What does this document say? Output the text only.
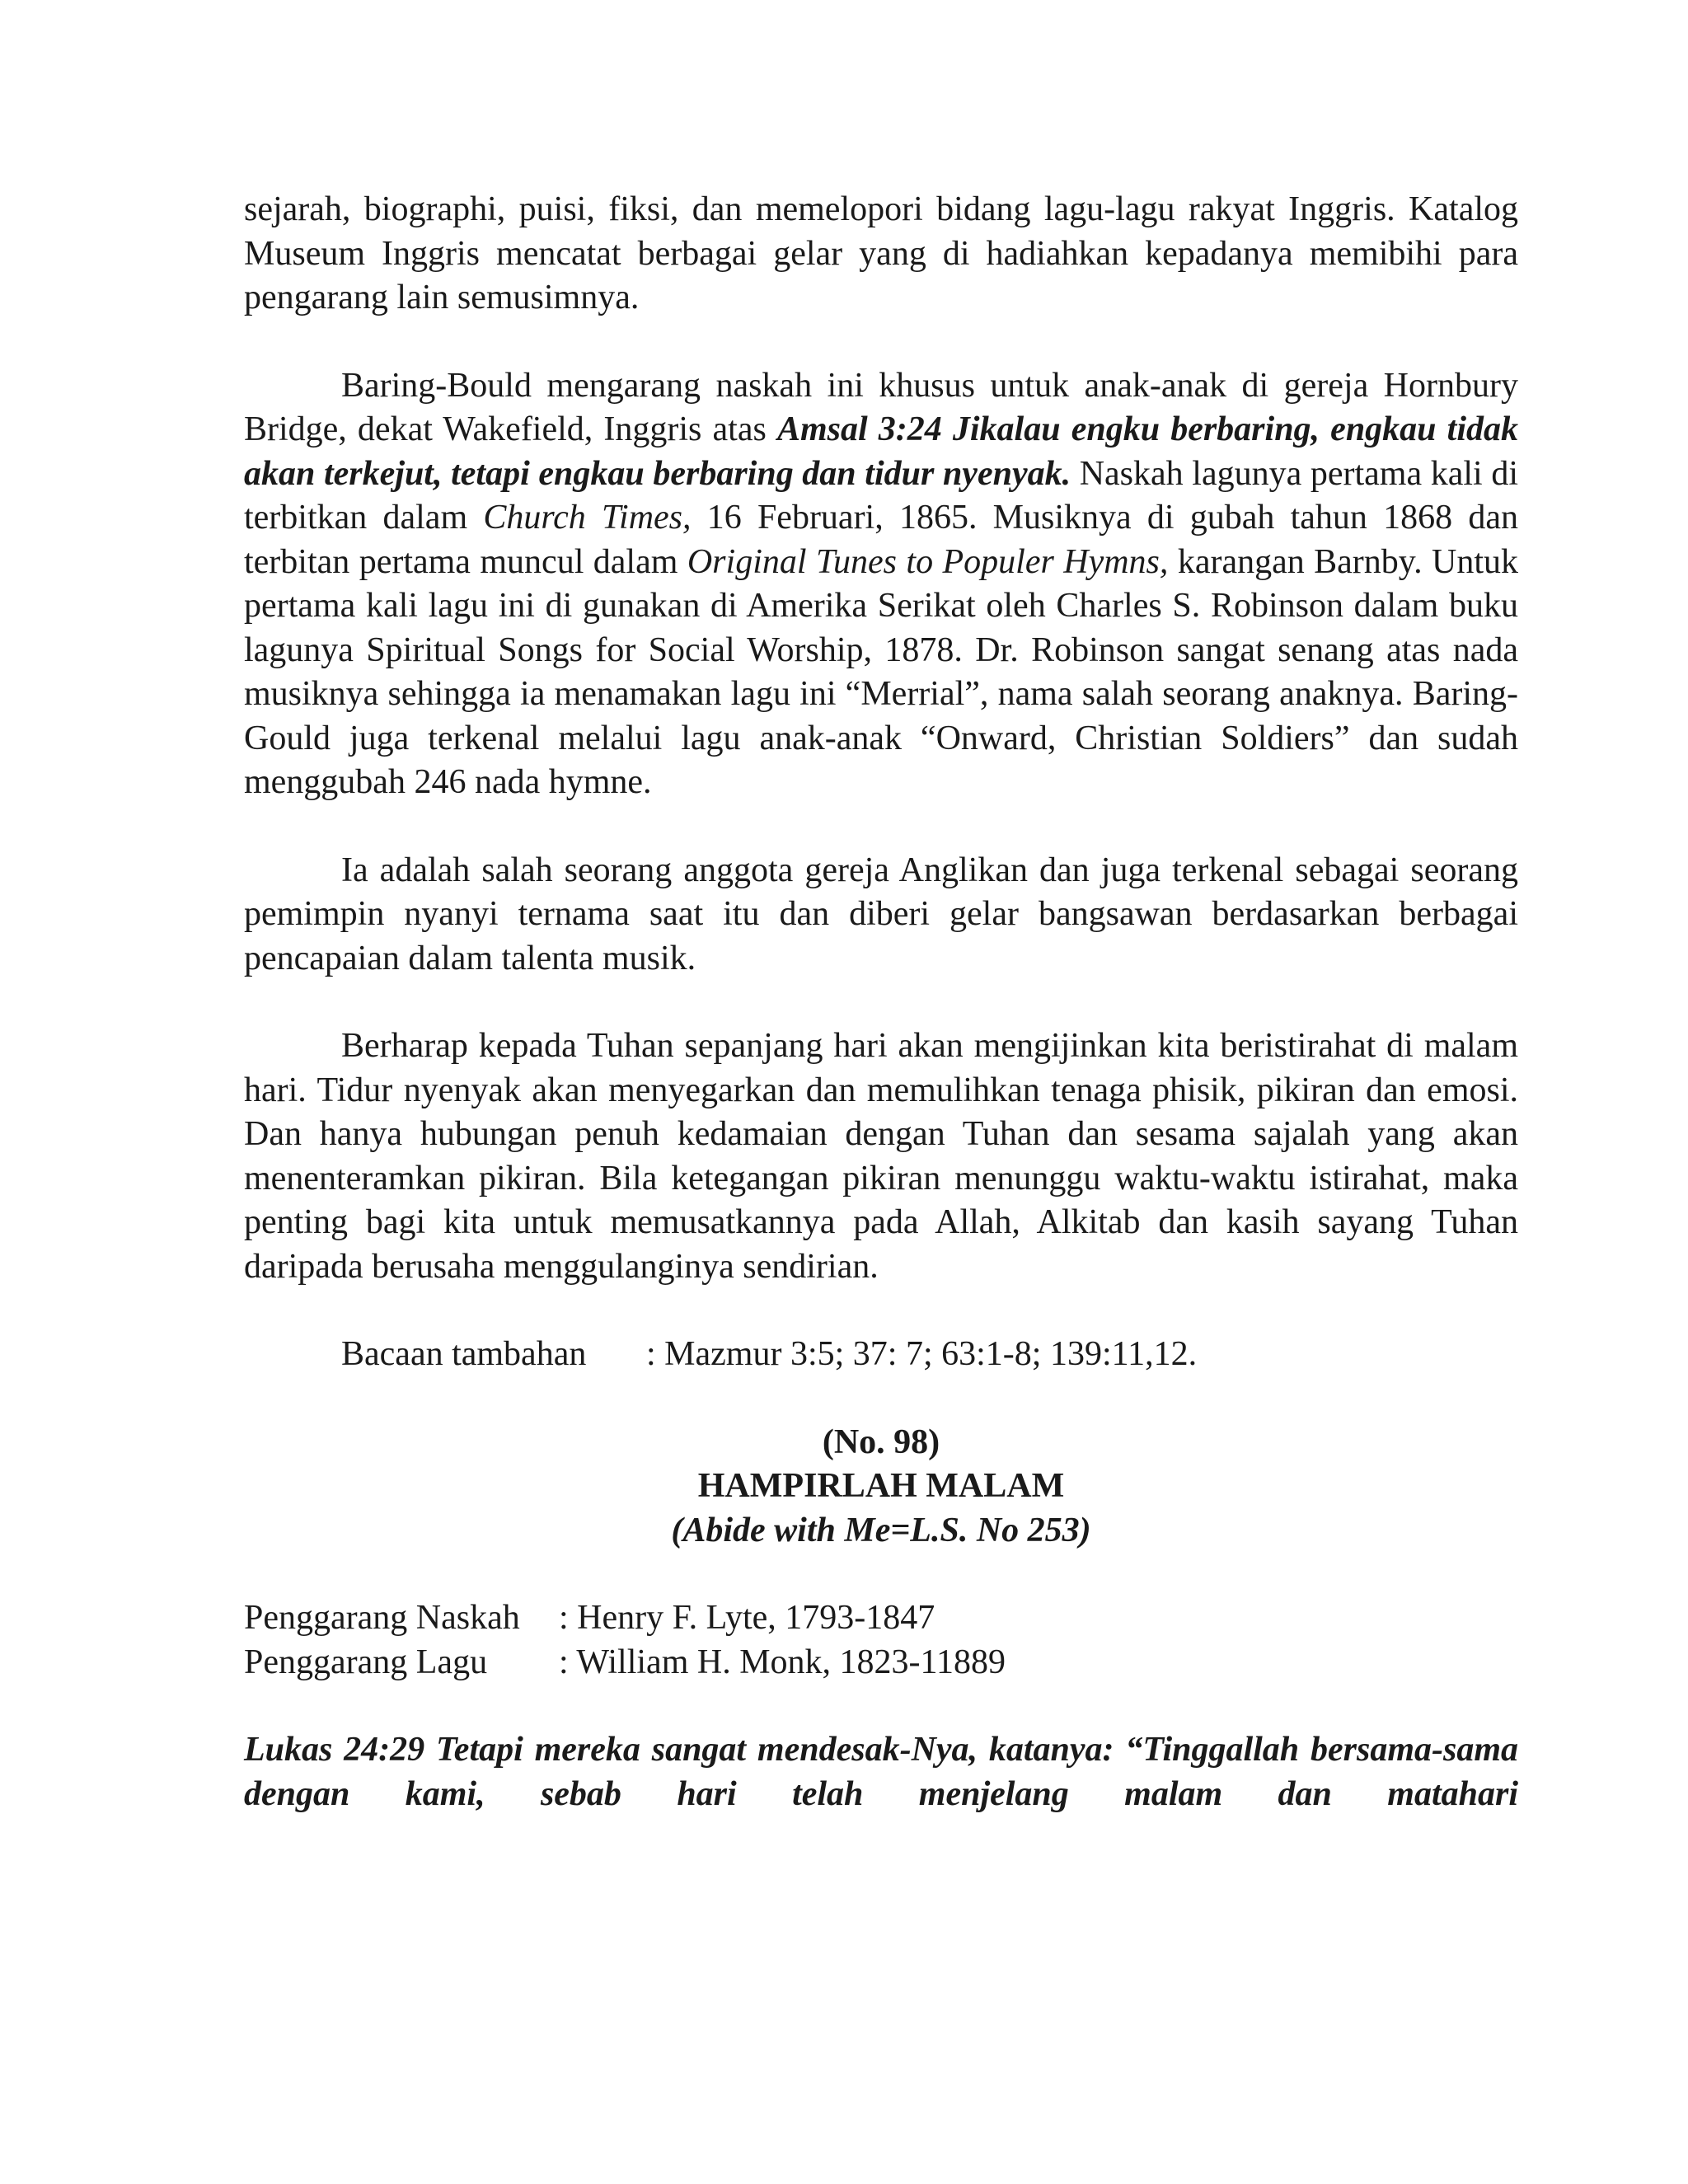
sejarah, biographi, puisi, fiksi, dan memelopori bidang lagu-lagu rakyat Inggris. Katalog Museum Inggris mencatat berbagai gelar yang di hadiahkan kepadanya memibihi para pengarang lain semusimnya.

Baring-Bould mengarang naskah ini khusus untuk anak-anak di gereja Hornbury Bridge, dekat Wakefield, Inggris atas Amsal 3:24 Jikalau engku berbaring, engkau tidak akan terkejut, tetapi engkau berbaring dan tidur nyenyak. Naskah lagunya pertama kali di terbitkan dalam Church Times, 16 Februari, 1865. Musiknya di gubah tahun 1868 dan terbitan pertama muncul dalam Original Tunes to Populer Hymns, karangan Barnby. Untuk pertama kali lagu ini di gunakan di Amerika Serikat oleh Charles S. Robinson dalam buku lagunya Spiritual Songs for Social Worship, 1878. Dr. Robinson sangat senang atas nada musiknya sehingga ia menamakan lagu ini “Merrial”, nama salah seorang anaknya. Baring-Gould juga terkenal melalui lagu anak-anak “Onward, Christian Soldiers” dan sudah menggubah 246 nada hymne.

Ia adalah salah seorang anggota gereja Anglikan dan juga terkenal sebagai seorang pemimpin nyanyi ternama saat itu dan diberi gelar bangsawan berdasarkan berbagai pencapaian dalam talenta musik.

Berharap kepada Tuhan sepanjang hari akan mengijinkan kita beristirahat di malam hari. Tidur nyenyak akan menyegarkan dan memulihkan tenaga phisik, pikiran dan emosi. Dan hanya hubungan penuh kedamaian dengan Tuhan dan sesama sajalah yang akan menenteramkan pikiran. Bila ketegangan pikiran menunggu waktu-waktu istirahat, maka penting bagi kita untuk memusatkannya pada Allah, Alkitab dan kasih sayang Tuhan daripada berusaha menggulanginya sendirian.

Bacaan tambahan : Mazmur 3:5; 37: 7; 63:1-8; 139:11,12.
(No. 98)
HAMPIRLAH MALAM
(Abide with Me=L.S. No 253)
Penggarang Naskah : Henry F. Lyte, 1793-1847
Penggarang Lagu : William H. Monk, 1823-11889

Lukas 24:29 Tetapi mereka sangat mendesak-Nya, katanya: “Tinggallah bersama-sama dengan kami, sebab hari telah menjelang malam dan matahari
